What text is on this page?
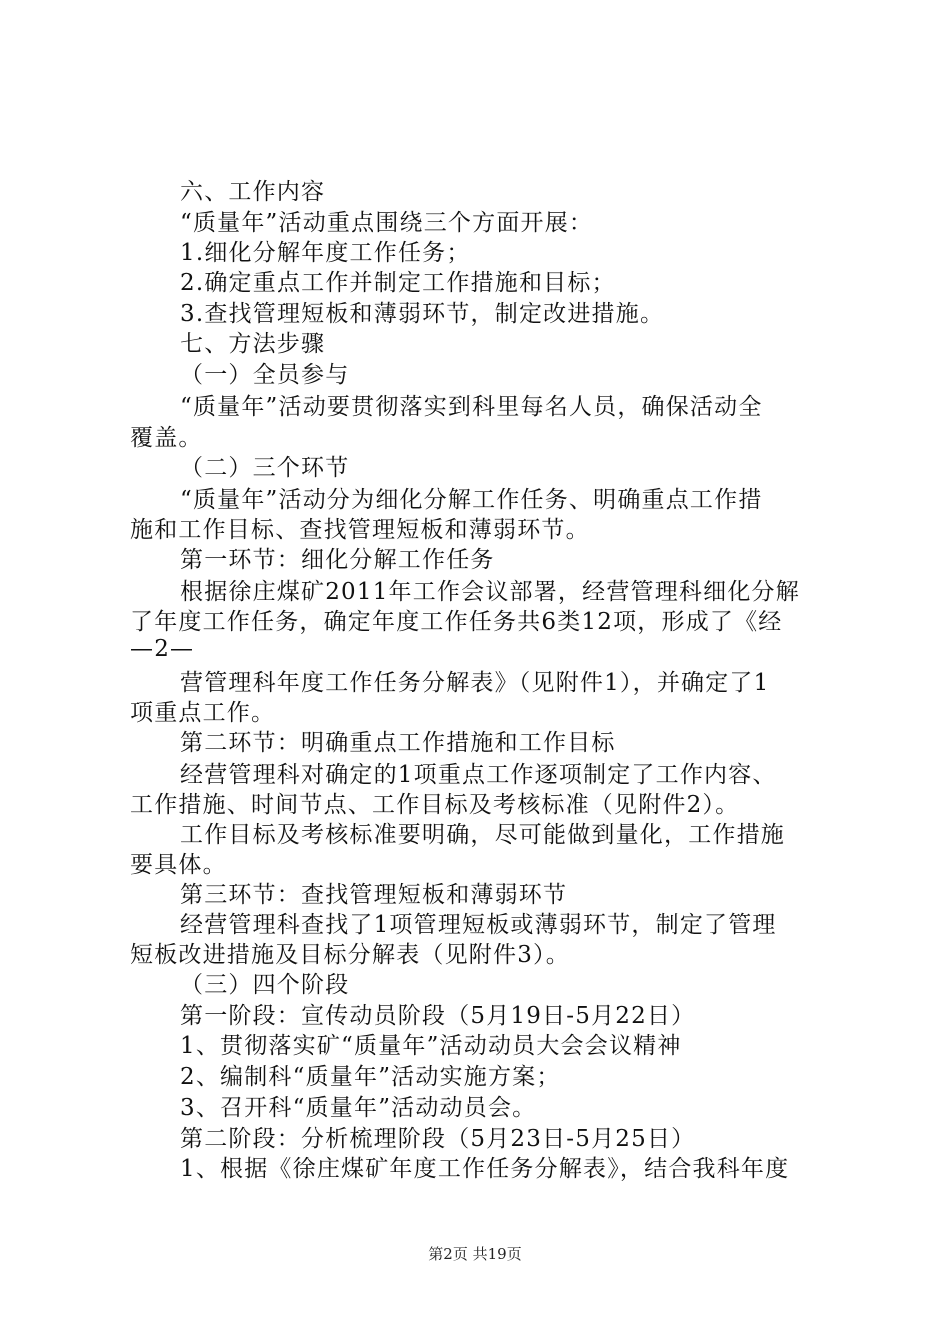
六、工作内容
“质量年”活动重点围绕三个方面开展：
1.细化分解年度工作任务；
2.确定重点工作并制定工作措施和目标；
3.查找管理短板和薄弱环节，制定改进措施。
七、方法步骤
（一）全员参与
“质量年”活动要贯彻落实到科里每名人员，确保活动全
覆盖。
（二）三个环节
“质量年”活动分为细化分解工作任务、明确重点工作措
施和工作目标、查找管理短板和薄弱环节。
第一环节：细化分解工作任务
根据徐庄煤矿2011年工作会议部署，经营管理科细化分解
了年度工作任务，确定年度工作任务共6类12项，形成了《经
—2—
营管理科年度工作任务分解表》（见附件1），并确定了1
项重点工作。
第二环节：明确重点工作措施和工作目标
经营管理科对确定的1项重点工作逐项制定了工作内容、
工作措施、时间节点、工作目标及考核标准（见附件2）。
工作目标及考核标准要明确，尽可能做到量化，工作措施
要具体。
第三环节：查找管理短板和薄弱环节
经营管理科查找了1项管理短板或薄弱环节，制定了管理
短板改进措施及目标分解表（见附件3）。
（三）四个阶段
第一阶段：宣传动员阶段（5月19日-5月22日）
1、贯彻落实矿“质量年”活动动员大会会议精神
2、编制科“质量年”活动实施方案；
3、召开科“质量年”活动动员会。
第二阶段：分析梳理阶段（5月23日-5月25日）
1、根据《徐庄煤矿年度工作任务分解表》，结合我科年度
第2页 共19页
